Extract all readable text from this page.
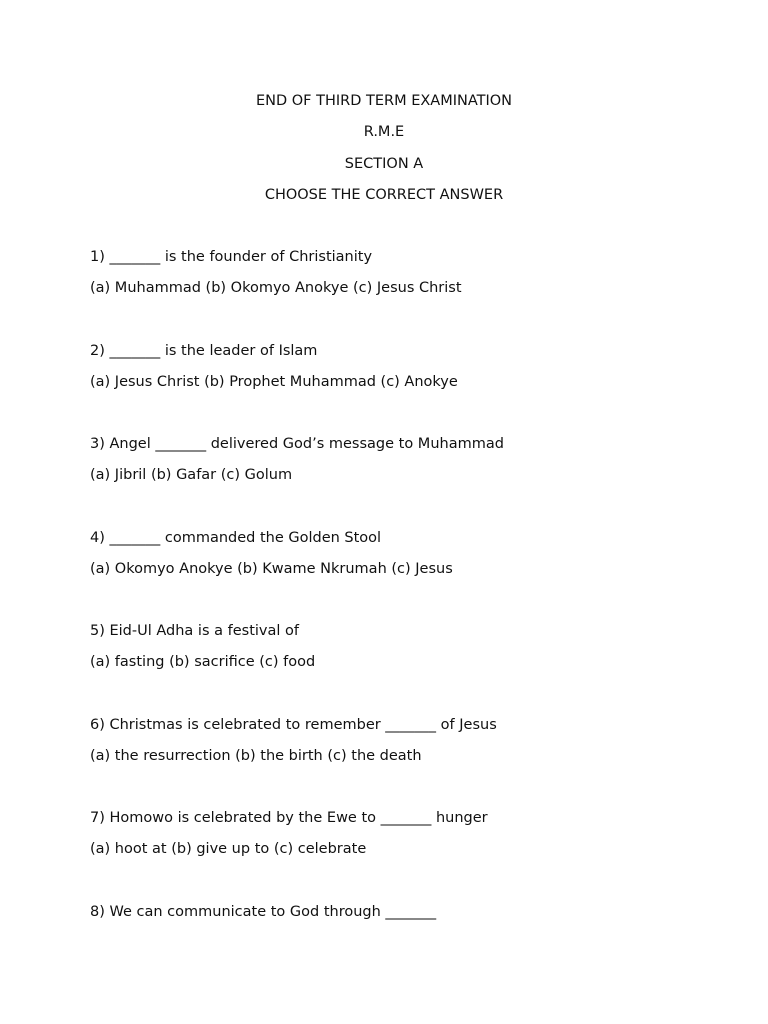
END OF THIRD TERM EXAMINATION
R.M.E
SECTION A
CHOOSE THE CORRECT ANSWER
1) _______ is the founder of Christianity
(a) Muhammad (b) Okomyo Anokye (c) Jesus Christ
2) _______ is the leader of Islam
(a) Jesus Christ (b) Prophet Muhammad (c) Anokye
3) Angel _______ delivered God’s message to Muhammad
(a) Jibril (b) Gafar (c) Golum
4) _______ commanded the Golden Stool
(a) Okomyo Anokye (b) Kwame Nkrumah (c) Jesus
5) Eid-Ul Adha is a festival of
(a) fasting (b) sacrifice (c) food
6) Christmas is celebrated to remember _______ of Jesus
(a) the resurrection (b) the birth (c) the death
7) Homowo is celebrated by the Ewe to _______ hunger
(a) hoot at (b) give up to (c) celebrate
8) We can communicate to God through _______
